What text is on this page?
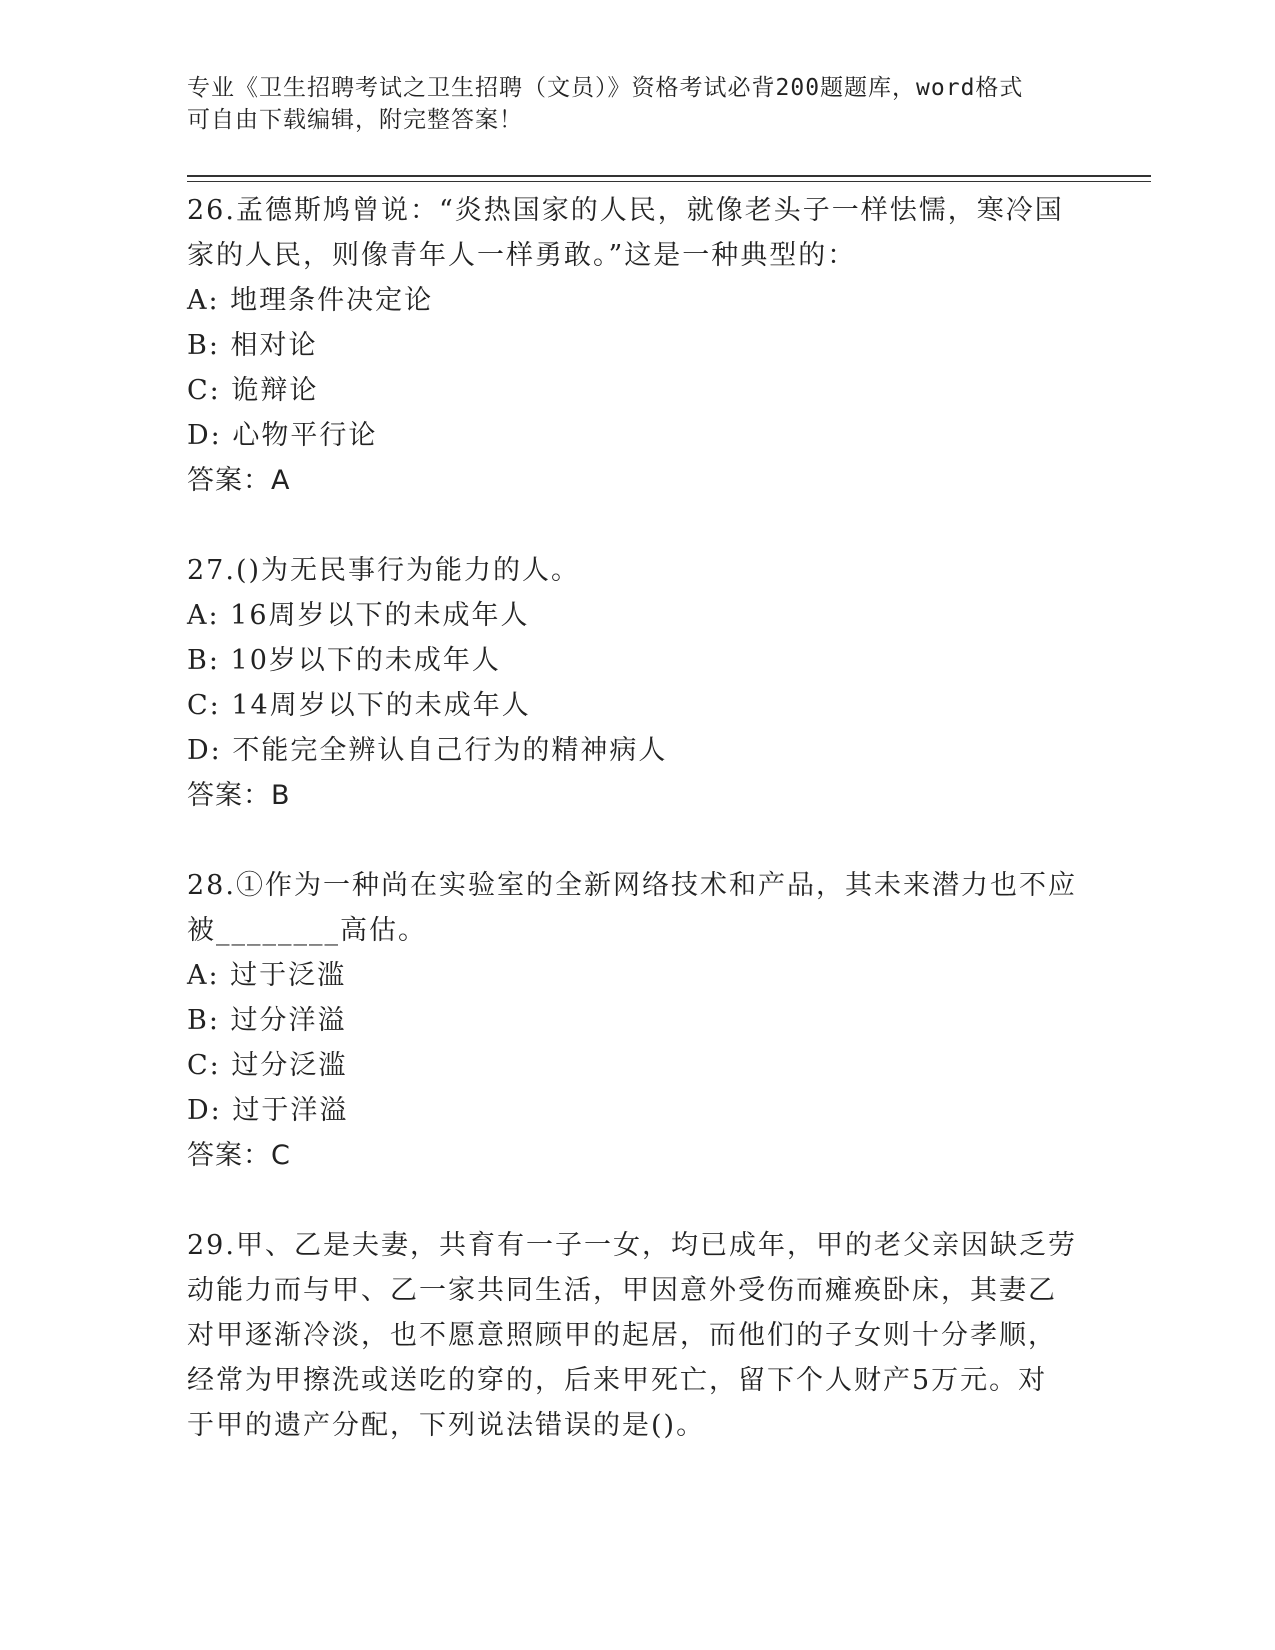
专业《卫生招聘考试之卫生招聘（文员）》资格考试必背200题题库，word格式
可自由下载编辑，附完整答案！
26.孟德斯鸠曾说：“炎热国家的人民，就像老头子一样怯懦，寒冷国
家的人民，则像青年人一样勇敢。”这是一种典型的：
A: 地理条件决定论
B: 相对论
C: 诡辩论
D: 心物平行论
答案：A
27.()为无民事行为能力的人。
A: 16周岁以下的未成年人
B: 10岁以下的未成年人
C: 14周岁以下的未成年人
D: 不能完全辨认自己行为的精神病人
答案：B
28.①作为一种尚在实验室的全新网络技术和产品，其未来潜力也不应
被________高估。
A: 过于泛滥
B: 过分洋溢
C: 过分泛滥
D: 过于洋溢
答案：C
29.甲、乙是夫妻，共育有一子一女，均已成年，甲的老父亲因缺乏劳
动能力而与甲、乙一家共同生活，甲因意外受伤而瘫痪卧床，其妻乙
对甲逐渐冷淡，也不愿意照顾甲的起居，而他们的子女则十分孝顺，
经常为甲擦洗或送吃的穿的，后来甲死亡，留下个人财产5万元。对
于甲的遗产分配，下列说法错误的是()。
